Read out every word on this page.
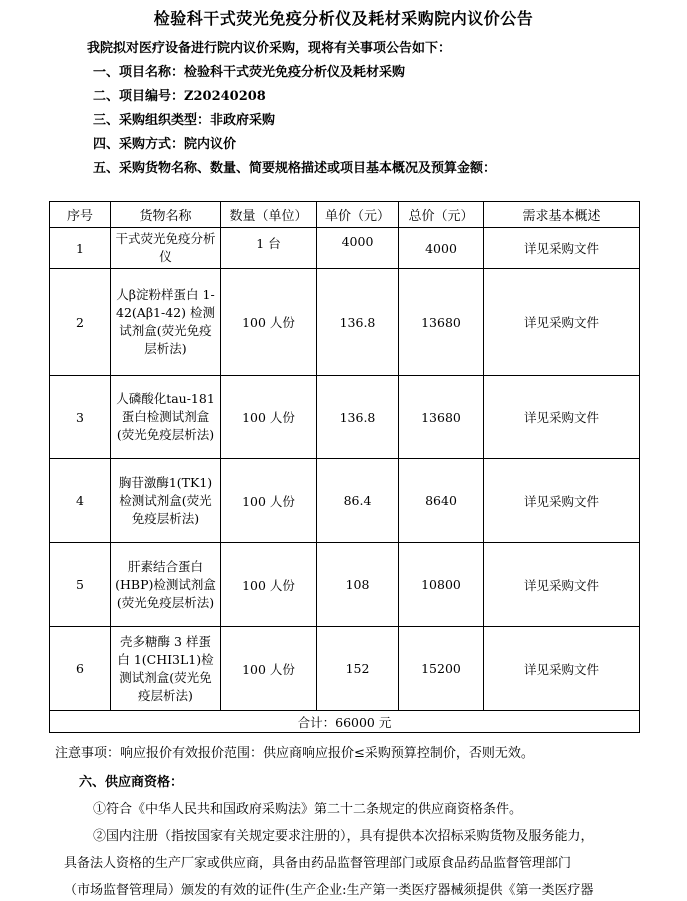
检验科干式荧光免疫分析仪及耗材采购院内议价公告
我院拟对医疗设备进行院内议价采购，现将有关事项公告如下：
一、项目名称：检验科干式荧光免疫分析仪及耗材采购
二、项目编号：Z20240208
三、采购组织类型：非政府采购
四、采购方式：院内议价
五、采购货物名称、数量、简要规格描述或项目基本概况及预算金额：
序号	货物名称	数量（单位）	单价（元）	总价（元）	需求基本概述
1	干式荧光免疫分析仪	1 台	4000	4000	详见采购文件
2	人β淀粉样蛋白 1-42(Aβ1-42) 检测试剂盒(荧光免疫层析法)	100 人份	136.8	13680	详见采购文件
3	人磷酸化tau-181 蛋白检测试剂盒(荧光免疫层析法)	100 人份	136.8	13680	详见采购文件
4	胸苷激酶1(TK1)检测试剂盒(荧光免疫层析法)	100 人份	86.4	8640	详见采购文件
5	肝素结合蛋白(HBP)检测试剂盒(荧光免疫层析法)	100 人份	108	10800	详见采购文件
6	壳多糖酶 3 样蛋白 1(CHI3L1)检测试剂盒(荧光免疫层析法)	100 人份	152	15200	详见采购文件
合计：66000 元					
注意事项：响应报价有效报价范围：供应商响应报价≤采购预算控制价，否则无效。
六、供应商资格：
①符合《中华人民共和国政府采购法》第二十二条规定的供应商资格条件。
②国内注册（指按国家有关规定要求注册的），具有提供本次招标采购货物及服务能力，
具备法人资格的生产厂家或供应商，具备由药品监督管理部门或原食品药品监督管理部门
（市场监督管理局）颁发的有效的证件(生产企业:生产第一类医疗器械须提供《第一类医疗器
